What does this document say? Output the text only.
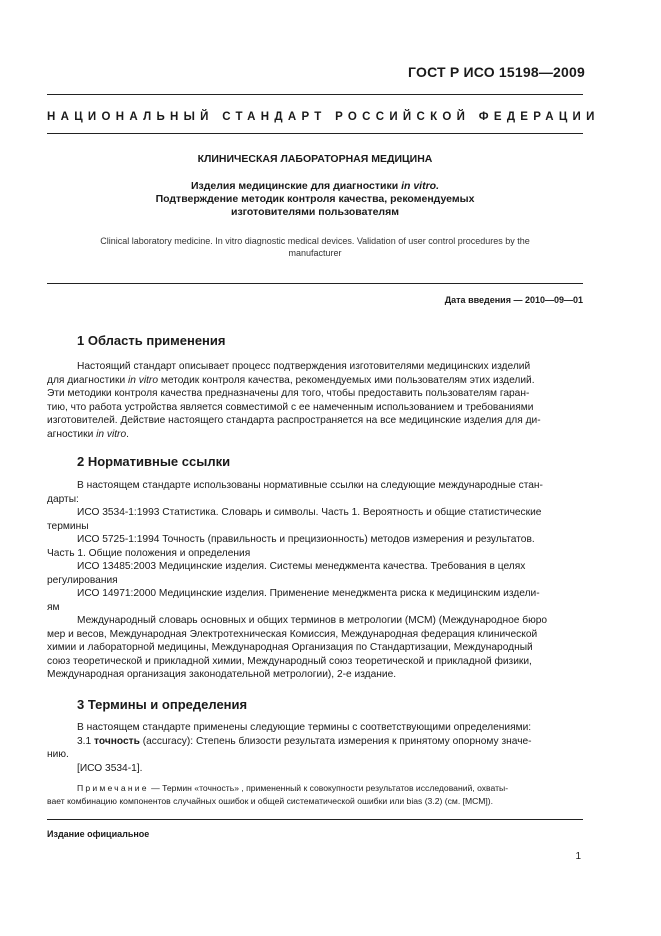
ГОСТ Р ИСО 15198—2009
НАЦИОНАЛЬНЫЙ СТАНДАРТ РОССИЙСКОЙ ФЕДЕРАЦИИ
КЛИНИЧЕСКАЯ ЛАБОРАТОРНАЯ МЕДИЦИНА
Изделия медицинские для диагностики in vitro.
Подтверждение методик контроля качества, рекомендуемых
изготовителями пользователям
Clinical laboratory medicine. In vitro diagnostic medical devices. Validation of user control procedures by the
manufacturer
Дата введения — 2010—09—01
1 Область применения
Настоящий стандарт описывает процесс подтверждения изготовителями медицинских изделий
для диагностики in vitro методик контроля качества, рекомендуемых ими пользователям этих изделий.
Эти методики контроля качества предназначены для того, чтобы предоставить пользователям гаран-
тию, что работа устройства является совместимой с ее намеченным использованием и требованиями
изготовителей. Действие настоящего стандарта распространяется на все медицинские изделия для ди-
агностики in vitro.
2 Нормативные ссылки
В настоящем стандарте использованы нормативные ссылки на следующие международные стан-
дарты:
ИСО 3534-1:1993 Статистика. Словарь и символы. Часть 1. Вероятность и общие статистические
термины
ИСО 5725-1:1994 Точность (правильность и прецизионность) методов измерения и результатов.
Часть 1. Общие положения и определения
ИСО 13485:2003 Медицинские изделия. Системы менеджмента качества. Требования в целях
регулирования
ИСО 14971:2000 Медицинские изделия. Применение менеджмента риска к медицинским издели-
ям
Международный словарь основных и общих терминов в метрологии (МСМ) (Международное бюро
мер и весов, Международная Электротехническая Комиссия, Международная федерация клинической
химии и лабораторной медицины, Международная Организация по Стандартизации, Международный
союз теоретической и прикладной химии, Международный союз теоретической и прикладной физики,
Международная организация законодательной метрологии), 2-е издание.
3 Термины и определения
В настоящем стандарте применены следующие термины с соответствующими определениями:
3.1 точность (accuracy): Степень близости результата измерения к принятому опорному значе-
нию.
[ИСО 3534-1].
Примечание — Термин «точность» , примененный к совокупности результатов исследований, охваты-
вает комбинацию компонентов случайных ошибок и общей систематической ошибки или bias (3.2) (см. [МСМ]).
Издание официальное
1
